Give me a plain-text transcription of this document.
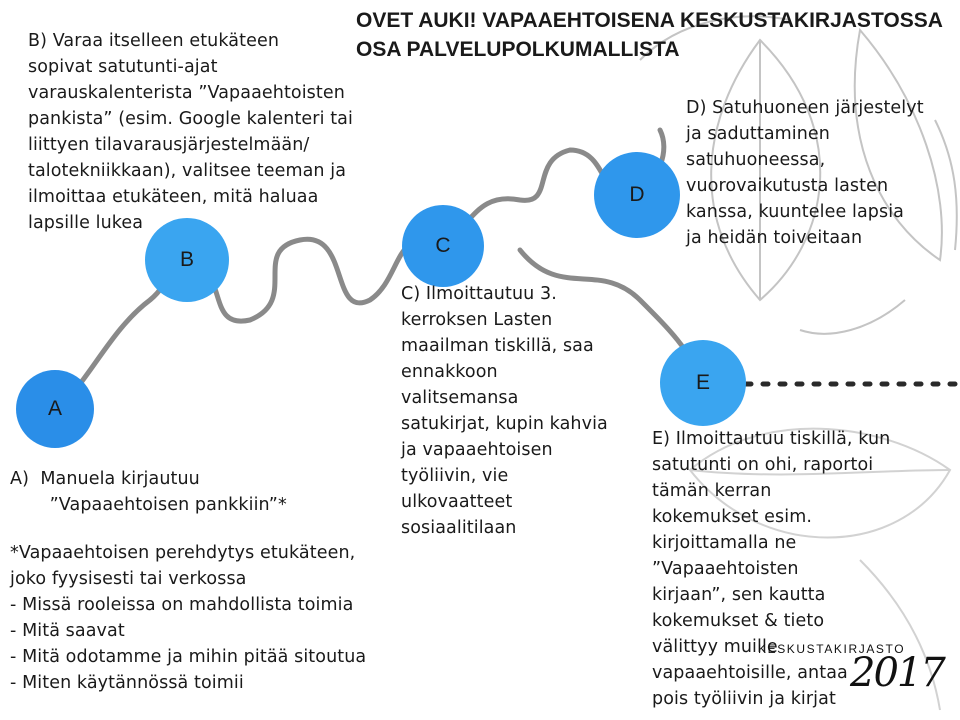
OVET AUKI! VAPAAEHTOISENA KESKUSTAKIRJASTOSSA
OSA PALVELUPOLKUMALLISTA
A
B
C
D
E
B) Varaa itselleen etukäteen
sopivat satutunti-ajat
varauskalenterista ”Vapaaehtoisten
pankista” (esim. Google kalenteri tai
liittyen tilavarausjärjestelmään/
talotekniikkaan), valitsee teeman ja
ilmoittaa etukäteen, mitä haluaa
lapsille lukea
A)  Manuela kirjautuu
”Vapaaehtoisen pankkiin”*
*Vapaaehtoisen perehdytys etukäteen,
joko fyysisesti tai verkossa
- Missä rooleissa on mahdollista toimia
- Mitä saavat
- Mitä odotamme ja mihin pitää sitoutua
- Miten käytännössä toimii
C) Ilmoittautuu 3.
kerroksen Lasten
maailman tiskillä, saa
ennakkoon
valitsemansa
satukirjat, kupin kahvia
ja vapaaehtoisen
työliivin, vie
ulkovaatteet
sosiaalitilaan
D) Satuhuoneen järjestelyt
ja saduttaminen
satuhuoneessa,
vuorovaikutusta lasten
kanssa, kuuntelee lapsia
ja heidän toiveitaan
E) Ilmoittautuu tiskillä, kun
satutunti on ohi, raportoi
tämän kerran
kokemukset esim.
kirjoittamalla ne
”Vapaaehtoisten
kirjaan”, sen kautta
kokemukset & tieto
välittyy muille
vapaaehtoisille, antaa
pois työliivin ja kirjat
KESKUSTAKIRJASTO
2017
